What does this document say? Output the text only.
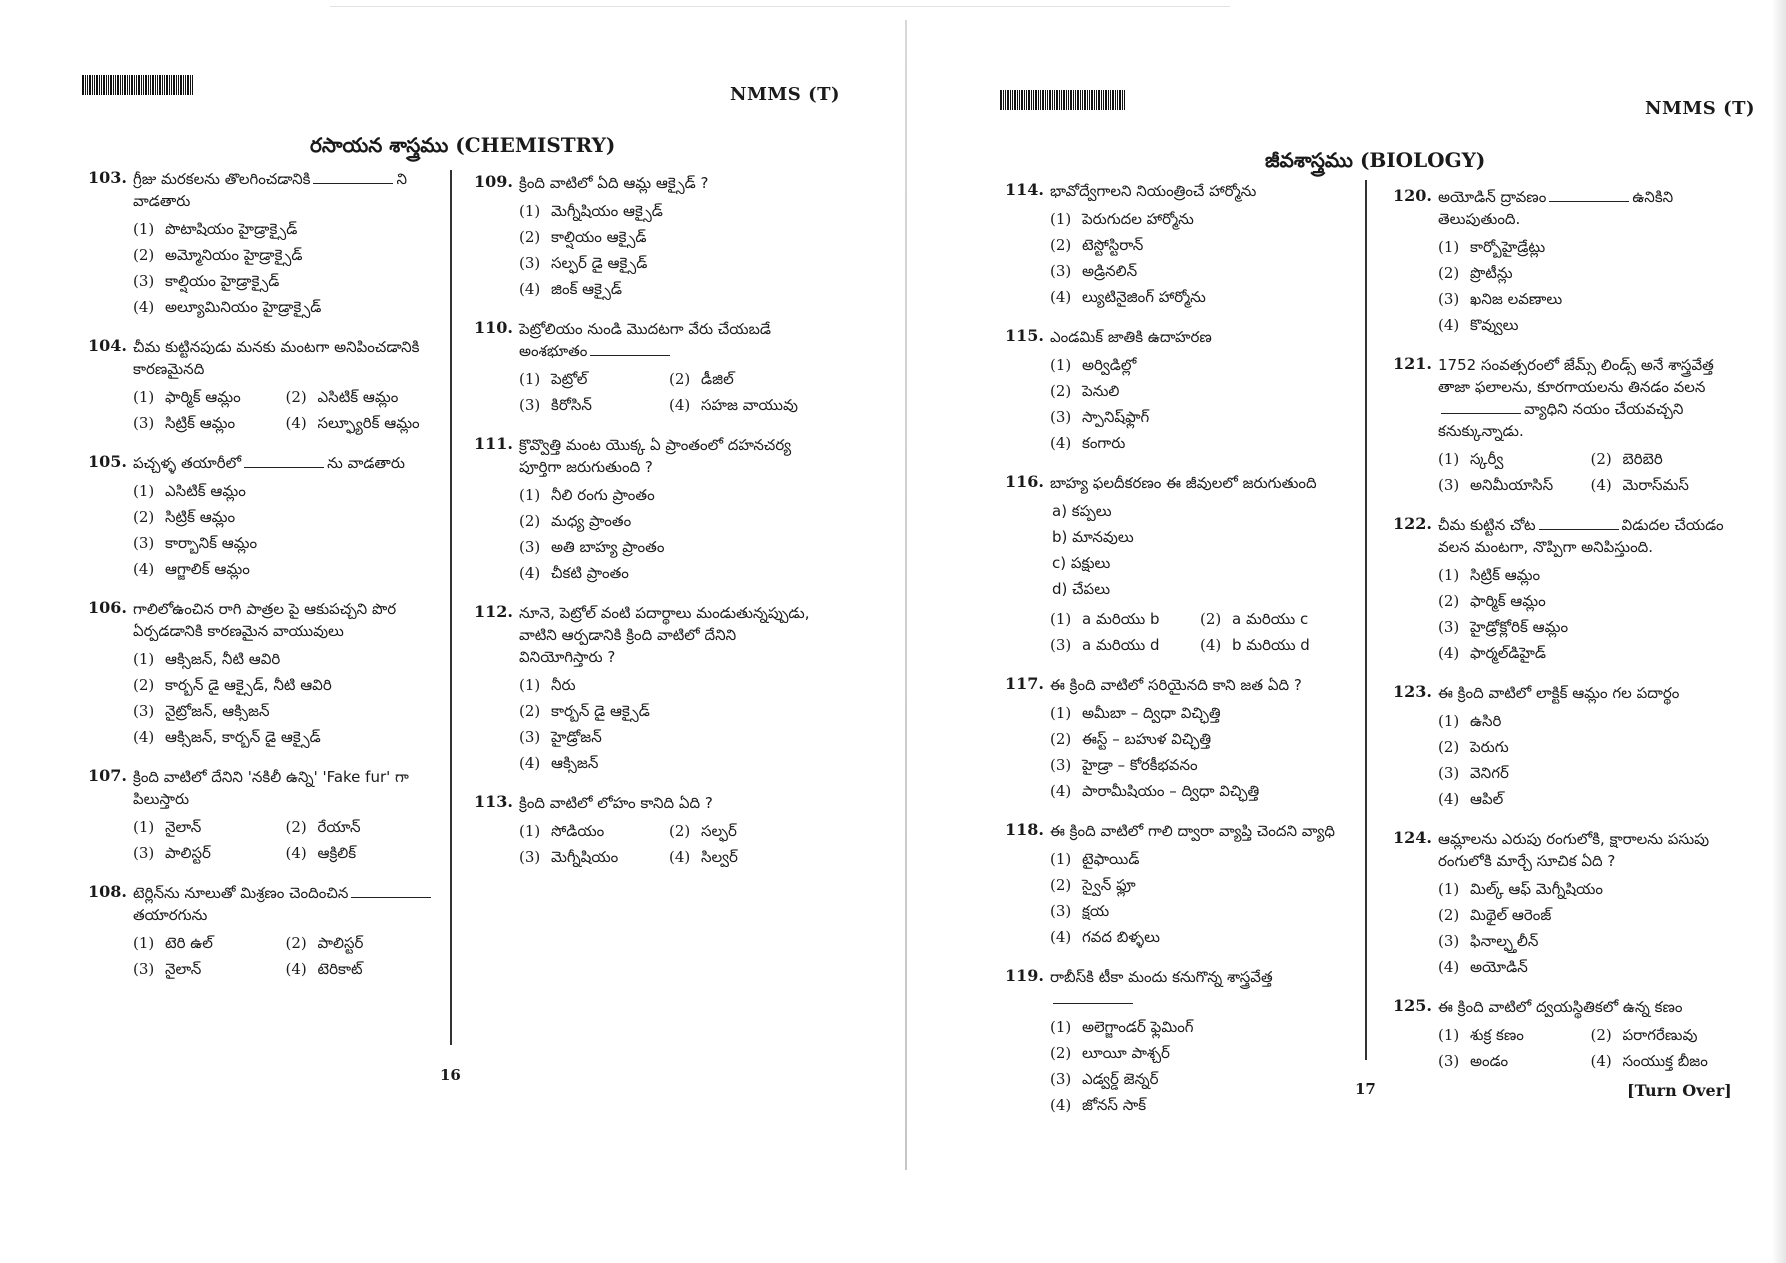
NMMS (T)
రసాయన శాస్త్రము (CHEMISTRY)
103. గ్రీజు మరకలను తొలగించడానికి	ని వాడతారు
(1) పొటాషియం హైడ్రాక్సైడ్
(2) అమ్మోనియం హైడ్రాక్సైడ్
(3) కాల్షియం హైడ్రాక్సైడ్
(4) అల్యూమినియం హైడ్రాక్సైడ్
104. చీమ కుట్టినపుడు మనకు మంటగా అనిపించడానికి కారణమైనది
(1) ఫార్మిక్ ఆమ్లం	(2) ఎసిటిక్ ఆమ్లం
(3) సిట్రిక్ ఆమ్లం	(4) సల్ఫ్యూరిక్ ఆమ్లం
105. పచ్చళ్ళ తయారీలో	ను వాడతారు
(1) ఎసిటిక్ ఆమ్లం
(2) సిట్రిక్ ఆమ్లం
(3) కార్బానిక్ ఆమ్లం
(4) ఆగ్జాలిక్ ఆమ్లం
106. గాలిలోఉంచిన రాగి పాత్రల పై ఆకుపచ్చని పొర ఏర్పడడానికి కారణమైన వాయువులు
(1) ఆక్సిజన్, నీటి ఆవిరి
(2) కార్బన్ డై ఆక్సైడ్, నీటి ఆవిరి
(3) నైట్రోజన్, ఆక్సిజన్
(4) ఆక్సిజన్, కార్బన్ డై ఆక్సైడ్
107. క్రింది వాటిలో దేనిని 'నకిలీ ఉన్ని' 'Fake fur' గా పిలుస్తారు
(1) నైలాన్	(2) రేయాన్
(3) పాలిస్టర్	(4) ఆక్రిలిక్
108. టెర్లిన్‌ను నూలుతో మిశ్రణం చెందించినతయారగును
(1) టెరి ఉల్	(2) పాలిస్టర్
(3) నైలాన్	(4) టెరికాట్
109. క్రింది వాటిలో ఏది ఆమ్ల ఆక్సైడ్ ?
(1) మెగ్నీషియం ఆక్సైడ్
(2) కాల్షియం ఆక్సైడ్
(3) సల్ఫర్ డై ఆక్సైడ్
(4) జింక్ ఆక్సైడ్
110. పెట్రోలియం నుండి మొదటగా వేరు చేయబడే అంశభూతం
(1) పెట్రోల్	(2) డీజిల్
(3) కిరోసిన్	(4) సహజ వాయువు
111. క్రొవ్వొత్తి మంట యొక్క ఏ ప్రాంతంలో దహనచర్య పూర్తిగా జరుగుతుంది ?
(1) నీలి రంగు ప్రాంతం
(2) మధ్య ప్రాంతం
(3) అతి బాహ్య ప్రాంతం
(4) చీకటి ప్రాంతం
112. నూనె, పెట్రోల్ వంటి పదార్థాలు మండుతున్నప్పుడు, వాటిని ఆర్పడానికి క్రింది వాటిలో దేనిని వినియోగిస్తారు ?
(1) నీరు
(2) కార్బన్ డై ఆక్సైడ్
(3) హైడ్రోజన్
(4) ఆక్సిజన్
113. క్రింది వాటిలో లోహం కానిది ఏది ?
(1) సోడియం	(2) సల్ఫర్
(3) మెగ్నీషియం	(4) సిల్వర్
16
NMMS (T)
జీవశాస్త్రము (BIOLOGY)
114. భావోద్వేగాలని నియంత్రించే హార్మోను
(1) పెరుగుదల హార్మోను
(2) టెస్టోస్టిరాన్
(3) అడ్రినలిన్
(4) ల్యుటినైజింగ్ హార్మోను
115. ఎండమిక్ జాతికి ఉదాహరణ
(1) అర్విడిల్లో
(2) పెనులి
(3) స్పానిష్‌ఫ్లాగ్
(4) కంగారు
116. బాహ్య ఫలదీకరణం ఈ జీవులలో జరుగుతుంది
a) కప్పలు
b) మానవులు
c) పక్షులు
d) చేపలు
(1) a మరియు b	(2) a మరియు c
(3) a మరియు d	(4) b మరియు d
117. ఈ క్రింది వాటిలో సరియైనది కాని జత ఏది ?
(1) అమీబా – ద్విధా విచ్ఛిత్తి
(2) ఈస్ట్ – బహుళ విచ్ఛిత్తి
(3) హైడ్రా – కోరకీభవనం
(4) పారామీషియం – ద్విధా విచ్ఛిత్తి
118. ఈ క్రింది వాటిలో గాలి ద్వారా వ్యాప్తి చెందని వ్యాధి
(1) టైఫాయిడ్
(2) స్వైన్ ఫ్లూ
(3) క్షయ
(4) గవద బిళ్ళలు
119. రాబీస్‌కి టీకా మందు కనుగొన్న శాస్త్రవేత్త
(1) అలెగ్జాండర్ ఫ్లెమింగ్
(2) లూయీ పాశ్చర్
(3) ఎడ్వర్డ్ జెన్నర్
(4) జోనస్ సాక్
120. అయోడిన్ ద్రావణం	ఉనికిని తెలుపుతుంది.
(1) కార్బోహైడ్రేట్లు
(2) ప్రొటీన్లు
(3) ఖనిజ లవణాలు
(4) కొవ్వులు
121. 1752 సంవత్సరంలో జేమ్స్ లిండ్స్ అనే శాస్త్రవేత్త తాజా ఫలాలను, కూరగాయలను తినడం వలనవ్యాధిని నయం చేయవచ్చని కనుక్కున్నాడు.
(1) స్కర్వీ	(2) బెరిబెరి
(3) అనిమీయాసిస్ (4) మెరాస్‌మస్
122. చీమ కుట్టిన చోట	విడుదల చేయడం వలన మంటగా, నొప్పిగా అనిపిస్తుంది.
(1) సిట్రిక్ ఆమ్లం
(2) ఫార్మిక్ ఆమ్లం
(3) హైడ్రోక్లోరిక్ ఆమ్లం
(4) ఫార్మల్‌డిహైడ్
123. ఈ క్రింది వాటిలో లాక్టిక్ ఆమ్లం గల పదార్థం
(1) ఉసిరి
(2) పెరుగు
(3) వెనిగర్
(4) ఆపిల్
124. ఆమ్లాలను ఎరుపు రంగులోకి, క్షారాలను పసుపు రంగులోకి మార్చే సూచిక ఏది ?
(1) మిల్క్ ఆఫ్ మెగ్నీషియం
(2) మిథైల్ ఆరెంజ్
(3) ఫినాల్ఫ్తలీన్
(4) అయోడిన్
125. ఈ క్రింది వాటిలో ద్వయస్థితికలో ఉన్న కణం
(1) శుక్ర కణం	(2) పరాగరేణువు
(3) అండం	(4) సంయుక్త బీజం
17	[Turn Over]
